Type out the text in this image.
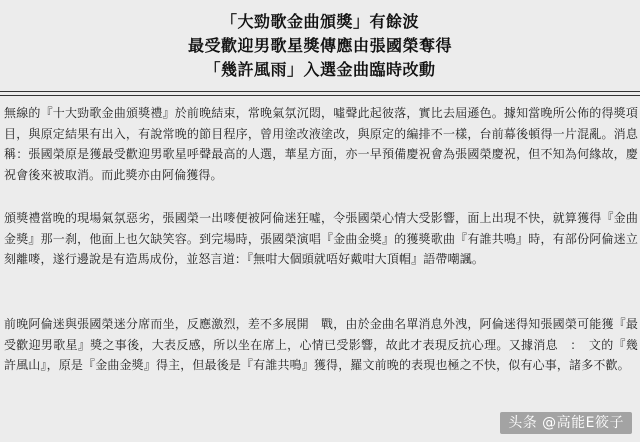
「大勁歌金曲頒獎」有餘波
最受歡迎男歌星獎傳應由張國榮奪得
「幾許風雨」入選金曲臨時改動

無線的『十大勁歌金曲頒獎禮』於前晚結束，常晚氣氛沉悶，噓聲此起彼落，實比去屆遜色。據知當晚所公佈的得獎項目，與原定結果有出入，有說常晚的節目程序，曾用塗改液塗改，與原定的編排不一樣，台前幕後頓得一片混亂。消息稱：張國榮原是獲最受歡迎男歌星呼聲最高的人選，華星方面，亦一早預備慶祝會為張國榮慶祝，但不知為何緣故，慶祝會後來被取消。而此獎亦由阿倫獲得。

頒獎禮當晚的現場氣氛惡劣，張國榮一出嘜便被阿倫迷狂噓，令張國榮心情大受影響，面上出現不快，就算獲得『金曲金獎』那一刹，他面上也欠缺笑容。到完場時，張國榮演唱『金曲金獎』的獲獎歌曲『有誰共鳴』時，有部份阿倫迷立刻離嘜，遂行邊說是有造馬成份，並怒言道：『無咁大個頭就唔好戴咁大頂帽』語帶嘲諷。

前晚阿倫迷與張國榮迷分席而坐，反應激烈，差不多展開　戰，由於金曲名單消息外洩，阿倫迷得知張國榮可能獲『最受歡迎男歌星』獎之事後，大表反感，所以坐在席上，心情已受影響，故此才表現反抗心理。又據消息　：　文的『幾許風山』，原是『金曲金獎』得主，但最後是『有誰共鳴』獲得，羅文前晚的表現也極之不快，似有心事，諸多不歡。

头条 @高能E筱子
